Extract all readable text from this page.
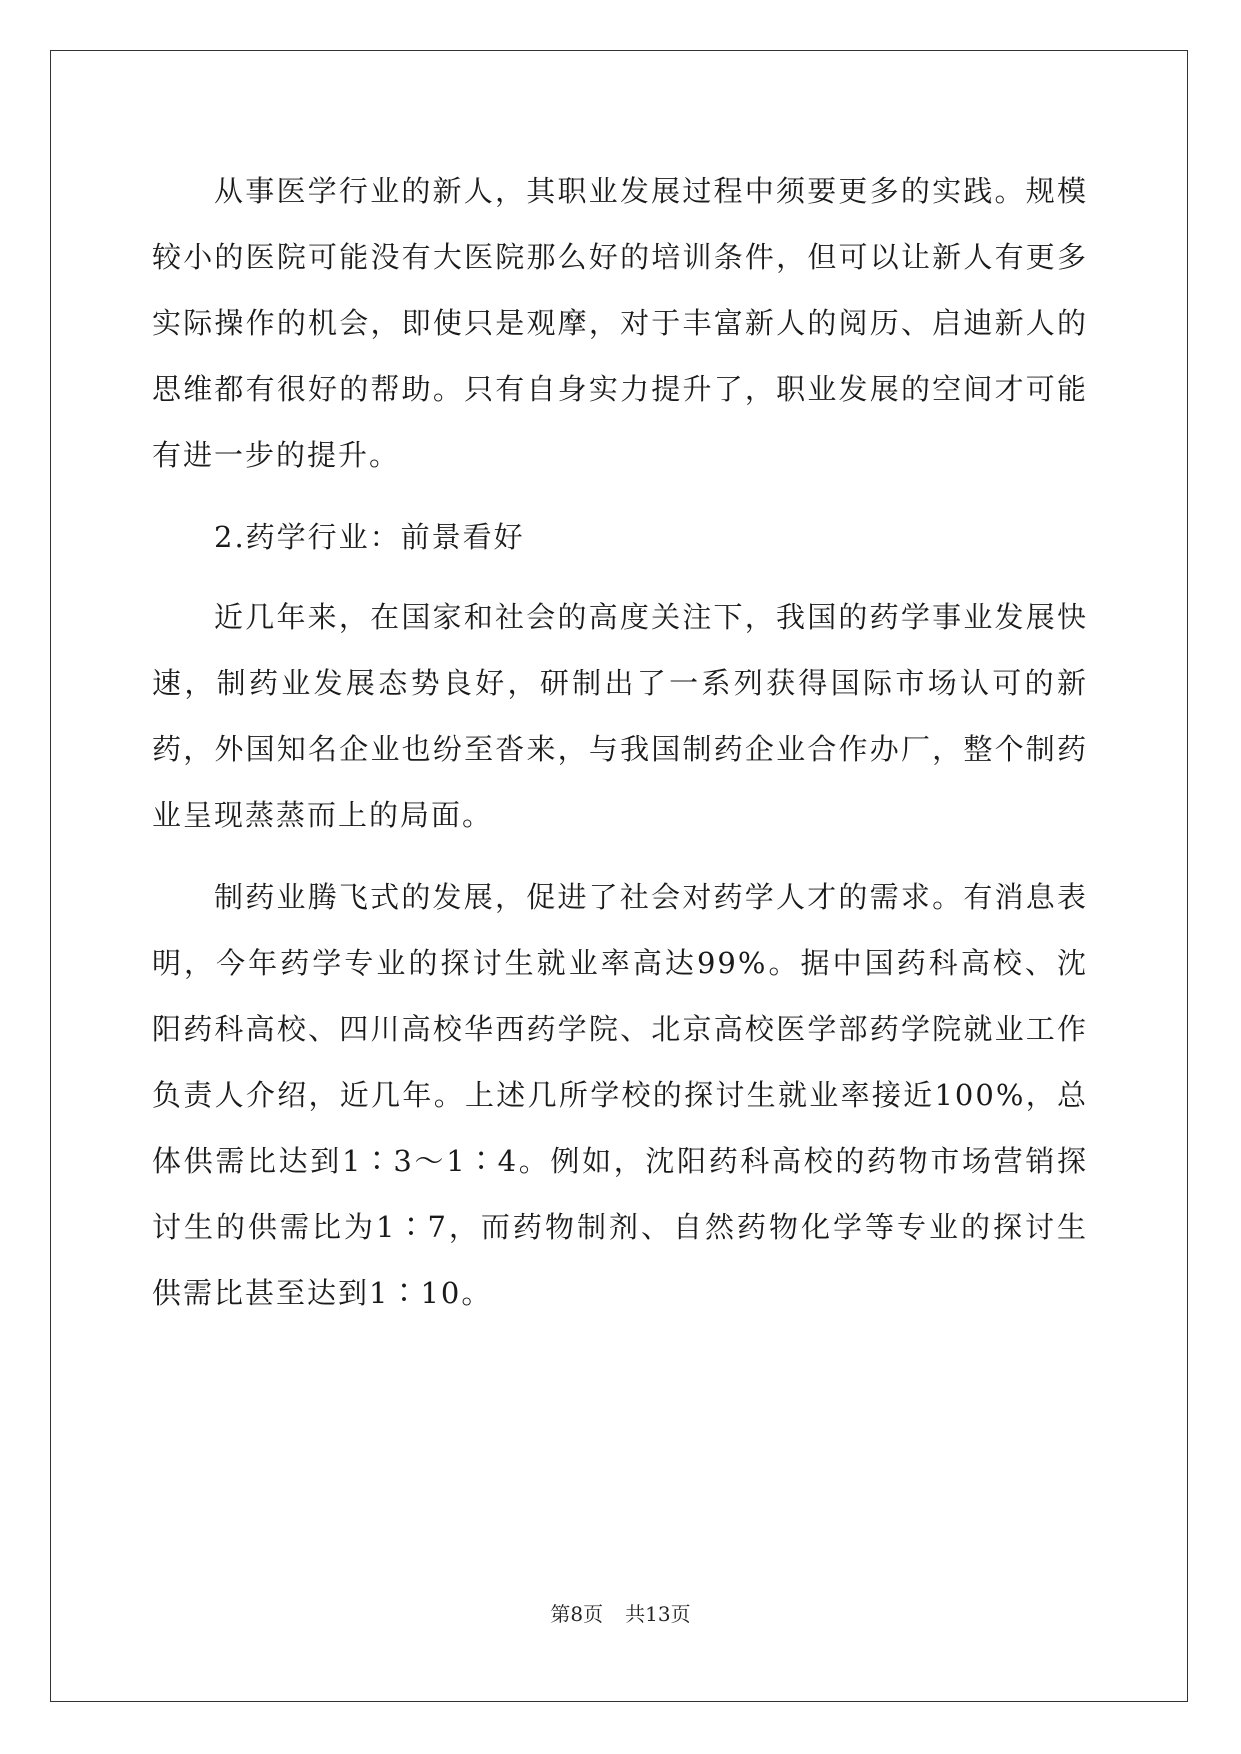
从事医学行业的新人，其职业发展过程中须要更多的实践。规模较小的医院可能没有大医院那么好的培训条件，但可以让新人有更多实际操作的机会，即使只是观摩，对于丰富新人的阅历、启迪新人的思维都有很好的帮助。只有自身实力提升了，职业发展的空间才可能有进一步的提升。

2.药学行业：前景看好

近几年来，在国家和社会的高度关注下，我国的药学事业发展快速，制药业发展态势良好，研制出了一系列获得国际市场认可的新药，外国知名企业也纷至沓来，与我国制药企业合作办厂，整个制药业呈现蒸蒸而上的局面。

制药业腾飞式的发展，促进了社会对药学人才的需求。有消息表明，今年药学专业的探讨生就业率高达99%。据中国药科高校、沈阳药科高校、四川高校华西药学院、北京高校医学部药学院就业工作负责人介绍，近几年。上述几所学校的探讨生就业率接近100%，总体供需比达到1∶3～1∶4。例如，沈阳药科高校的药物市场营销探讨生的供需比为1∶7，而药物制剂、自然药物化学等专业的探讨生供需比甚至达到1∶10。

第8页 共13页
